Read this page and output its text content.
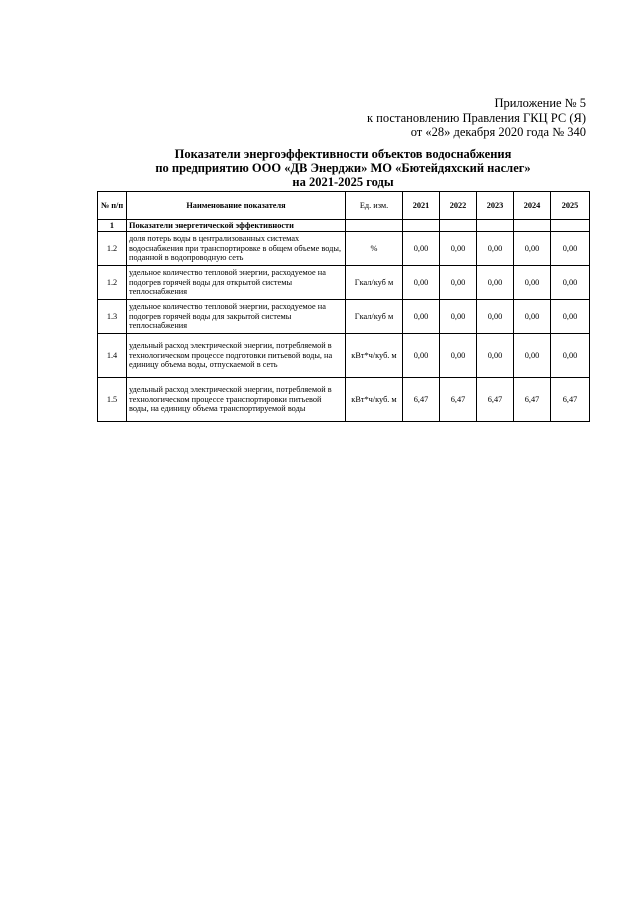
Приложение № 5
к постановлению Правления ГКЦ РС (Я)
от «28» декабря 2020 года № 340
Показатели энергоэффективности объектов водоснабжения
по предприятию ООО «ДВ Энерджи» МО «Бютейдяхский наслег»
на 2021-2025 годы
№ п/п	Наименование показателя	Ед. изм.	2021	2022	2023	2024	2025
1	Показатели энергетической эффективности						
1.2	доля потерь воды в централизованных системах водоснабжения при транспортировке в общем объеме воды, поданной в водопроводную сеть	%	0,00	0,00	0,00	0,00	0,00
1.2	удельное количество тепловой энергии, расходуемое на подогрев горячей воды для открытой системы теплоснабжения	Гкал/куб м	0,00	0,00	0,00	0,00	0,00
1.3	удельное количество тепловой энергии, расходуемое на подогрев горячей воды для закрытой системы теплоснабжения	Гкал/куб м	0,00	0,00	0,00	0,00	0,00
1.4	удельный расход электрической энергии, потребляемой в технологическом процессе подготовки питьевой воды, на единицу объема воды, отпускаемой в сеть	кВт*ч/куб. м	0,00	0,00	0,00	0,00	0,00
1.5	удельный расход электрической энергии, потребляемой в технологическом процессе транспортировки питьевой воды, на единицу объема транспортируемой воды	кВт*ч/куб. м	6,47	6,47	6,47	6,47	6,47
